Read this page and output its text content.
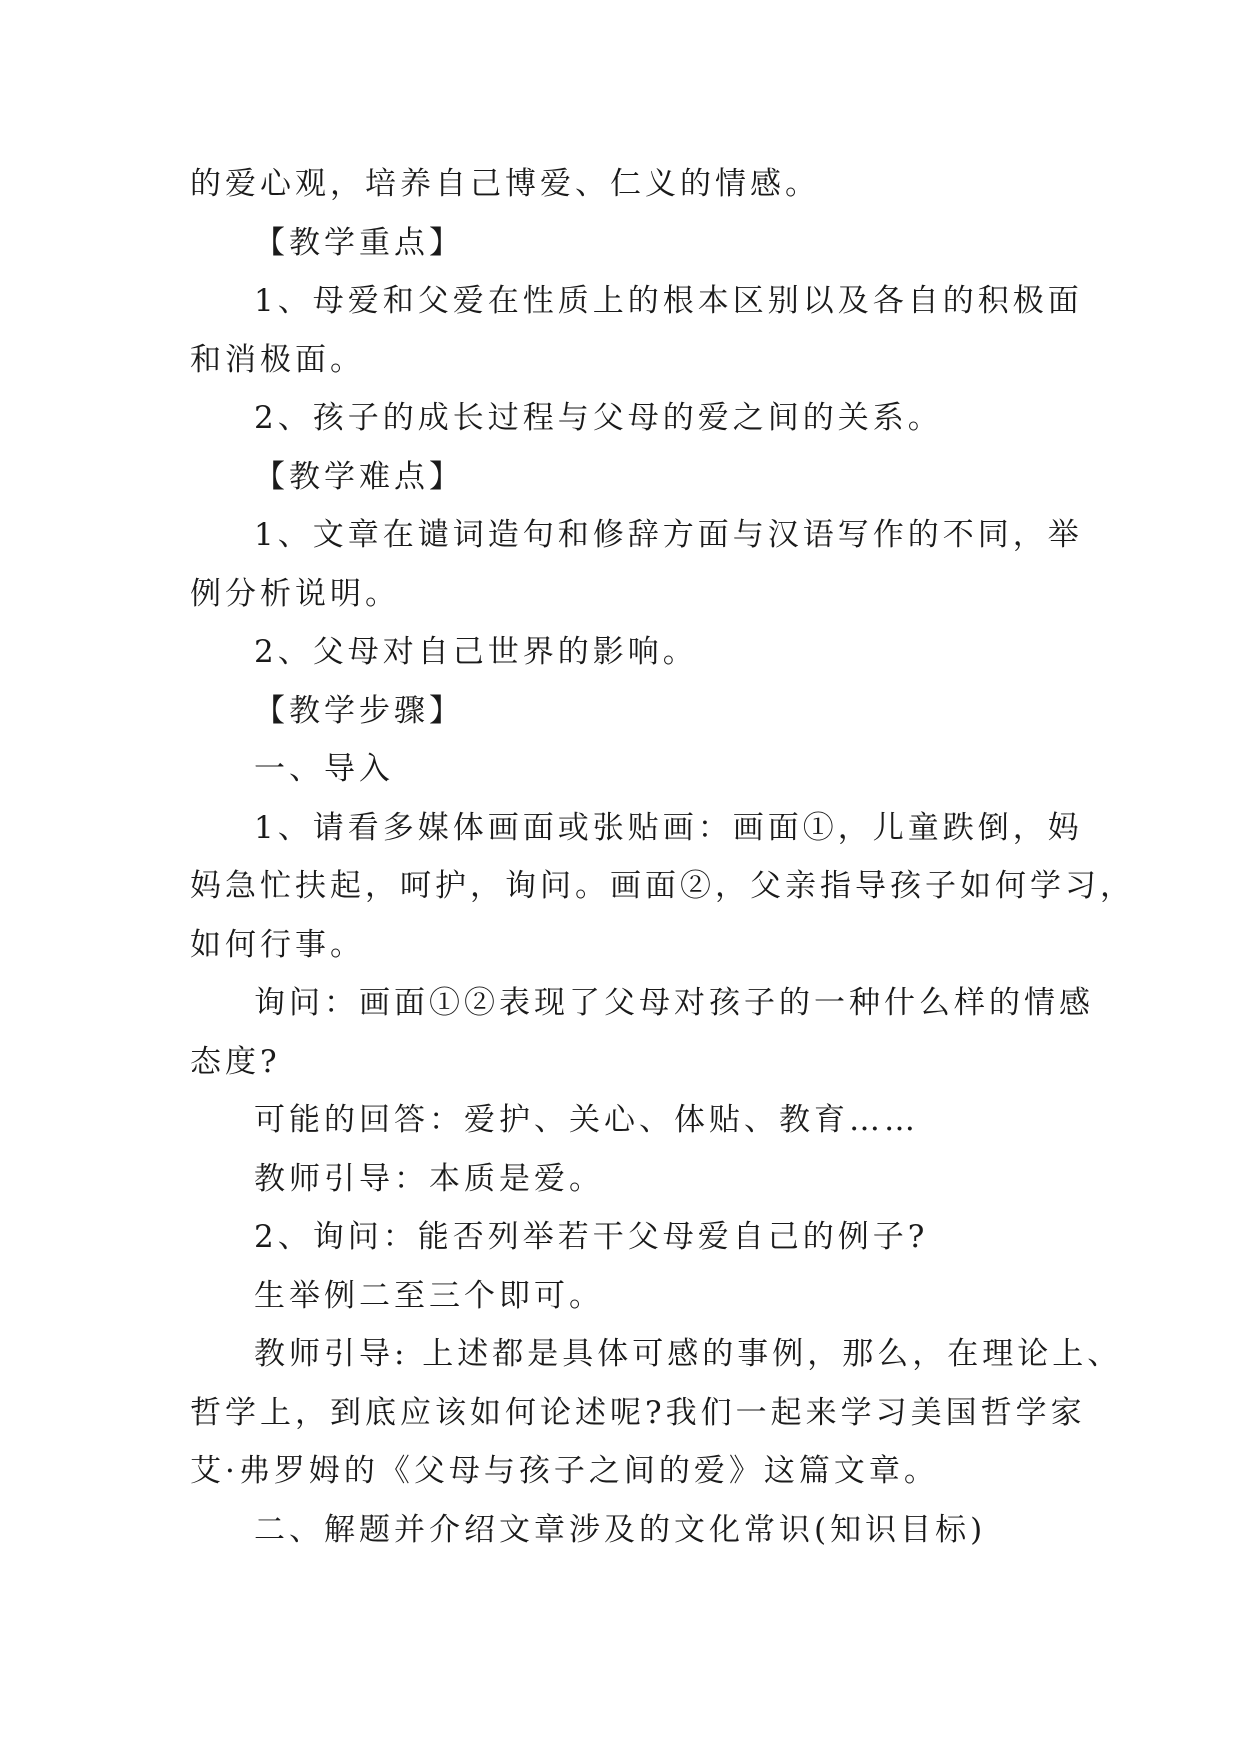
的爱心观，培养自己博爱、仁义的情感。
【教学重点】
1、母爱和父爱在性质上的根本区别以及各自的积极面
和消极面。
2、孩子的成长过程与父母的爱之间的关系。
【教学难点】
1、文章在谴词造句和修辞方面与汉语写作的不同，举
例分析说明。
2、父母对自己世界的影响。
【教学步骤】
一、导入
1、请看多媒体画面或张贴画：画面①，儿童跌倒，妈
妈急忙扶起，呵护，询问。画面②，父亲指导孩子如何学习，
如何行事。
询问：画面①②表现了父母对孩子的一种什么样的情感
态度?
可能的回答：爱护、关心、体贴、教育……
教师引导：本质是爱。
2、询问：能否列举若干父母爱自己的例子?
生举例二至三个即可。
教师引导: 上述都是具体可感的事例，那么，在理论上、
哲学上，到底应该如何论述呢?我们一起来学习美国哲学家
艾·弗罗姆的《父母与孩子之间的爱》这篇文章。
二、解题并介绍文章涉及的文化常识(知识目标)
